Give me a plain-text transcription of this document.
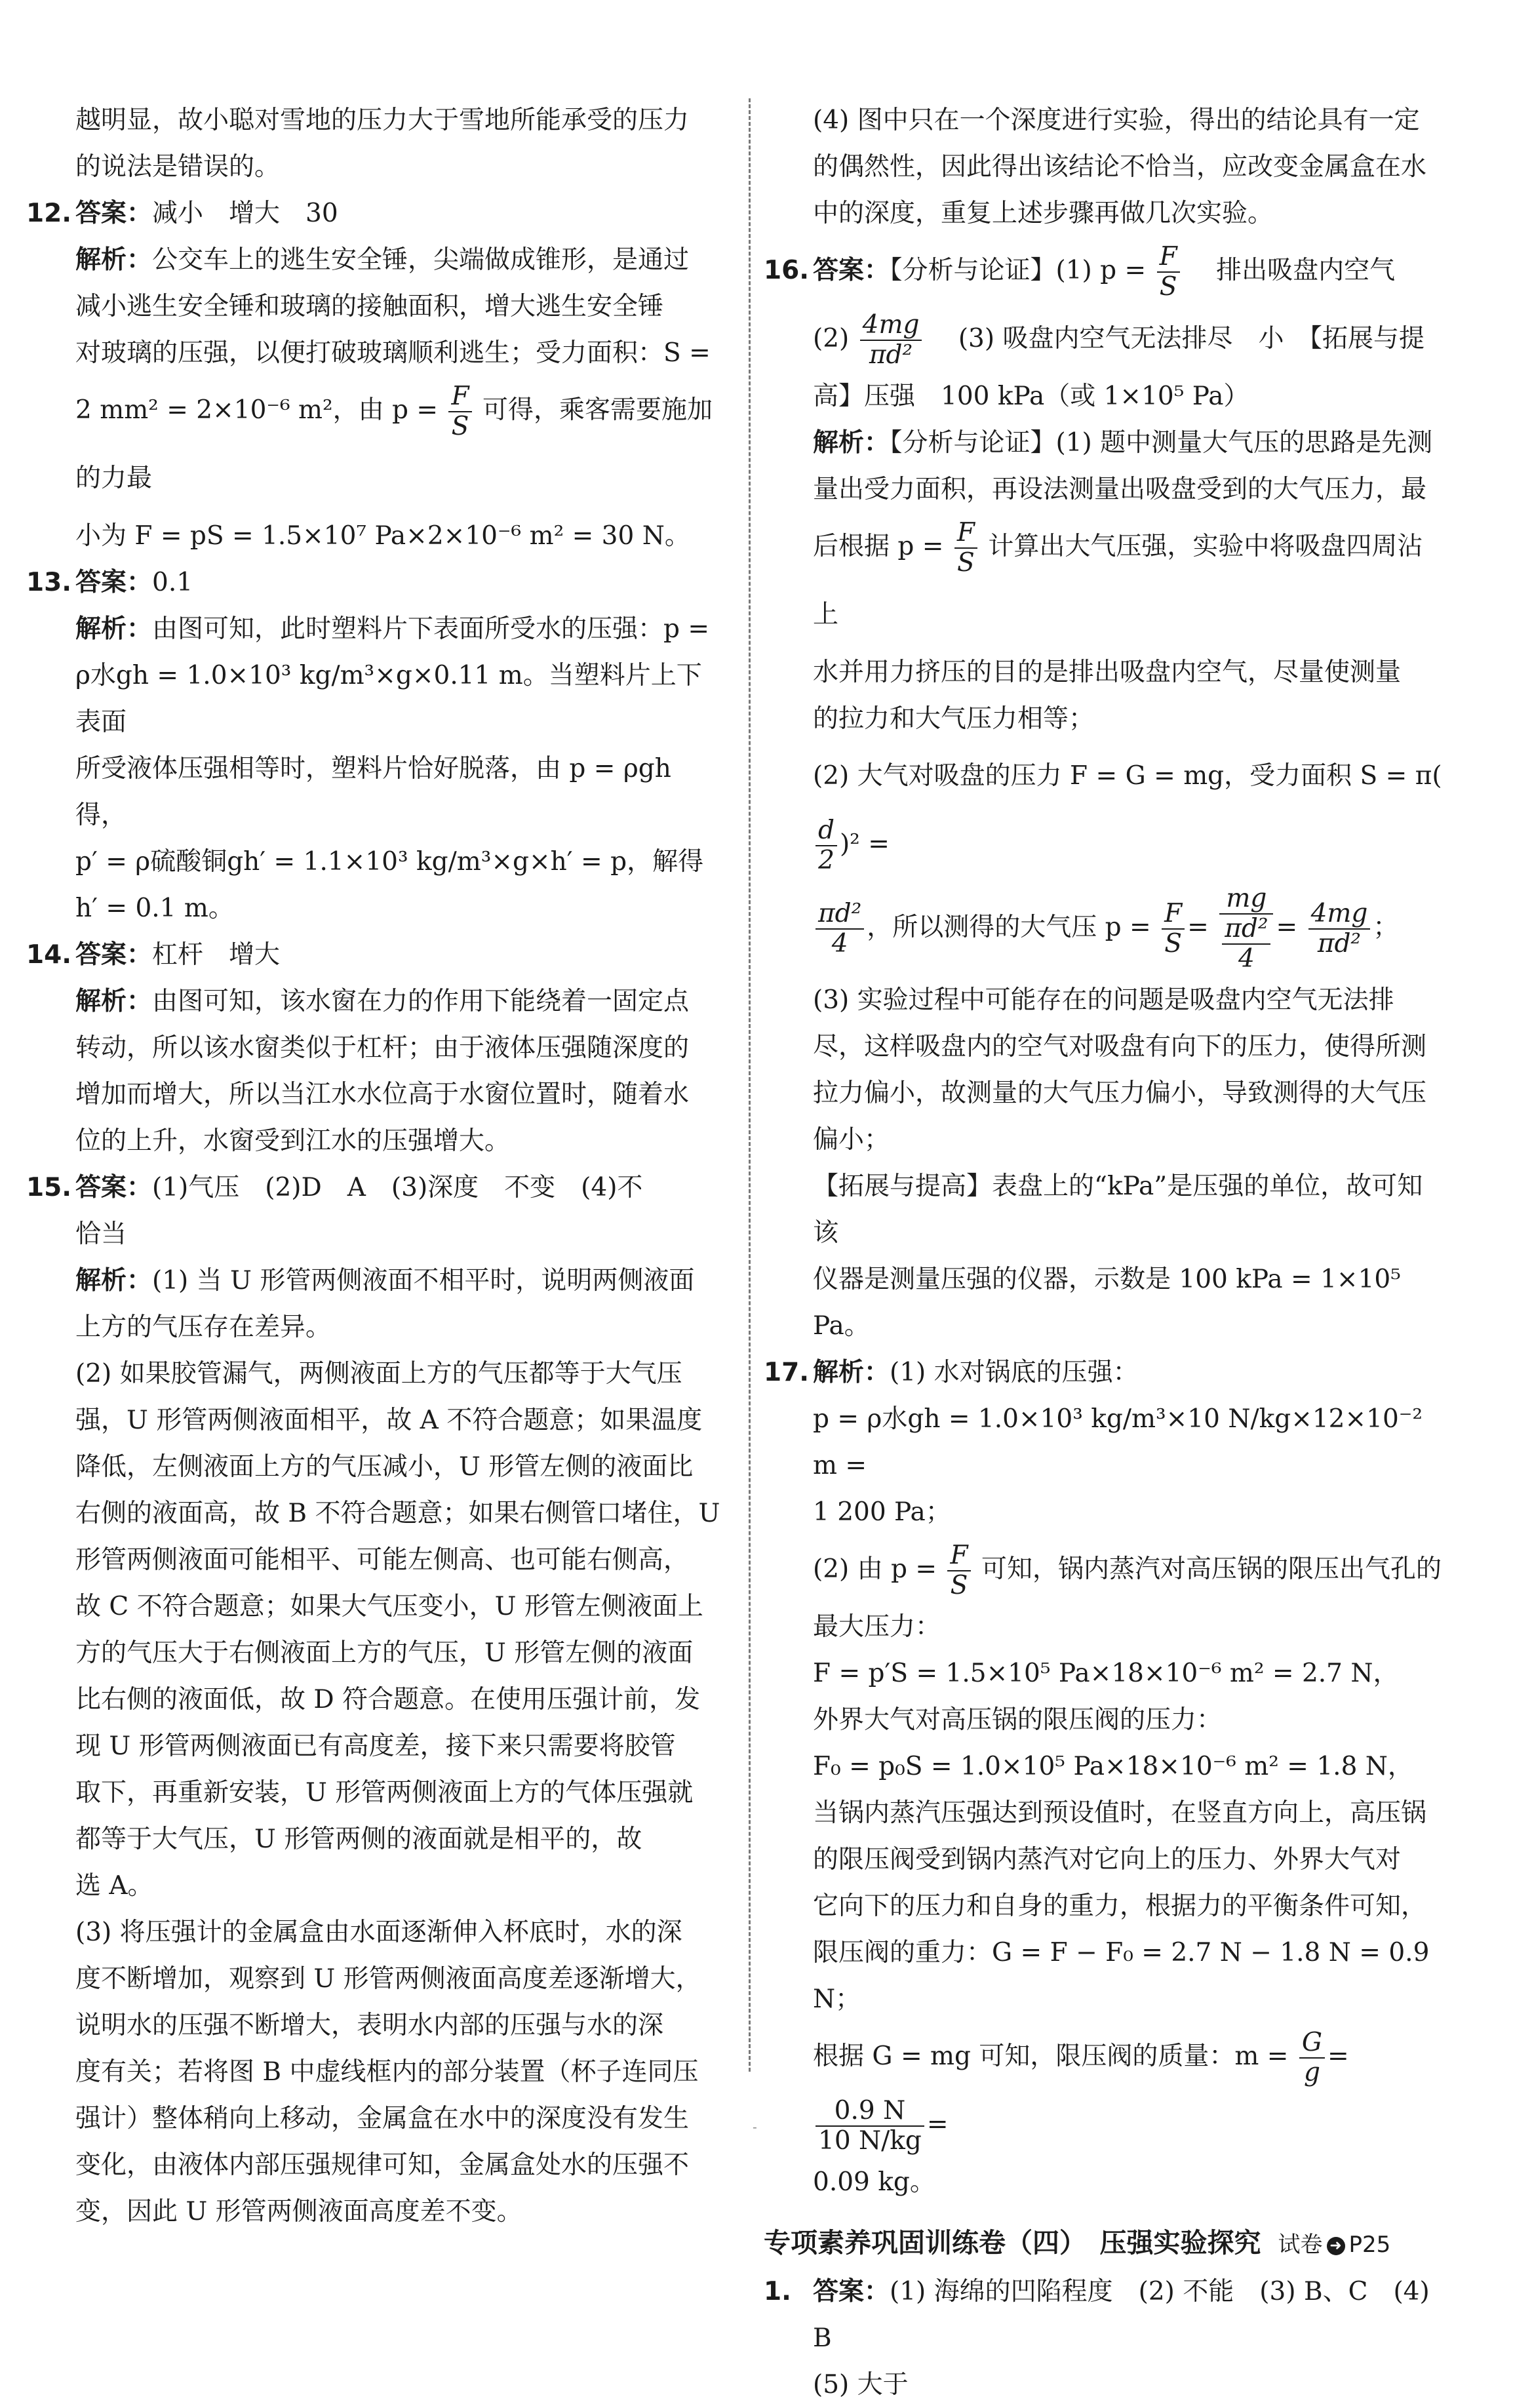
越明显，故小聪对雪地的压力大于雪地所能承受的压力

的说法是错误的。

12. 答案：减小　增大　30

解析：公交车上的逃生安全锤，尖端做成锥形，是通过

减小逃生安全锤和玻璃的接触面积，增大逃生安全锤

对玻璃的压强，以便打破玻璃顺利逃生；受力面积：S =

2 mm² = 2×10⁻⁶ m²，由 $p = \frac{F}{S}$ 可得，乘客需要施加的力最

小为 F = pS = 1.5×10⁷ Pa×2×10⁻⁶ m² = 30 N。

13. 答案：0.1

解析：由图可知，此时塑料片下表面所受水的压强：p =

ρ水gh = 1.0×10³ kg/m³×g×0.11 m。当塑料片上下表面

所受液体压强相等时，塑料片恰好脱落，由 p = ρgh 得，

p′ = ρ硫酸铜gh′ = 1.1×10³ kg/m³×g×h′ = p，解得 h′ = 0.1 m。

14. 答案：杠杆　增大

解析：由图可知，该水窗在力的作用下能绕着一固定点

转动，所以该水窗类似于杠杆；由于液体压强随深度的

增加而增大，所以当江水水位高于水窗位置时，随着水

位的上升，水窗受到江水的压强增大。

15. 答案：(1)气压　(2)D　A　(3)深度　不变　(4)不

恰当

解析：(1) 当 U 形管两侧液面不相平时，说明两侧液面

上方的气压存在差异。

(2) 如果胶管漏气，两侧液面上方的气压都等于大气压

强，U 形管两侧液面相平，故 A 不符合题意；如果温度

降低，左侧液面上方的气压减小，U 形管左侧的液面比

右侧的液面高，故 B 不符合题意；如果右侧管口堵住，U

形管两侧液面可能相平、可能左侧高、也可能右侧高，

故 C 不符合题意；如果大气压变小，U 形管左侧液面上

方的气压大于右侧液面上方的气压，U 形管左侧的液面

比右侧的液面低，故 D 符合题意。在使用压强计前，发

现 U 形管两侧液面已有高度差，接下来只需要将胶管

取下，再重新安装，U 形管两侧液面上方的气体压强就

都等于大气压，U 形管两侧的液面就是相平的，故

选 A。

(3) 将压强计的金属盒由水面逐渐伸入杯底时，水的深

度不断增加，观察到 U 形管两侧液面高度差逐渐增大，

说明水的压强不断增大，表明水内部的压强与水的深

度有关；若将图 B 中虚线框内的部分装置（杯子连同压

强计）整体稍向上移动，金属盒在水中的深度没有发生

变化，由液体内部压强规律可知，金属盒处水的压强不

变，因此 U 形管两侧液面高度差不变。

(4) 图中只在一个深度进行实验，得出的结论具有一定

的偶然性，因此得出该结论不恰当，应改变金属盒在水

中的深度，重复上述步骤再做几次实验。

16. 答案：【分析与论证】(1) $p = \frac{F}{S}$ 　排出吸盘内空气

$(2) \frac{4mg}{\text{πd²}}$ 　(3) 吸盘内空气无法排尽　小　【拓展与提

高】压强　100 kPa（或 1×10⁵ Pa）

解析：【分析与论证】(1) 题中测量大气压的思路是先测

量出受力面积，再设法测量出吸盘受到的大气压力，最

后根据 $p = \frac{F}{S}$ 计算出大气压强，实验中将吸盘四周沾上

水并用力挤压的目的是排出吸盘内空气，尽量使测量

的拉力和大气压力相等；

(2) 大气对吸盘的压力 F = G = mg，受力面积 S = π(
$\frac{d}{2} )^2$ =

$\frac{\text{πd²}}{4}$ ，所以测得的大气压 $p = \frac{F}{S} = \frac{mg}{\frac{\text{πd²}}{4}} = \frac{4mg}{\text{πd²}}$ ；

(3) 实验过程中可能存在的问题是吸盘内空气无法排

尽，这样吸盘内的空气对吸盘有向下的压力，使得所测

拉力偏小，故测量的大气压力偏小，导致测得的大气压

偏小；

【拓展与提高】表盘上的“kPa”是压强的单位，故可知该

仪器是测量压强的仪器，示数是 100 kPa = 1×10⁵ Pa。

17. 解析：(1) 水对锅底的压强：

p = ρ水gh = 1.0×10³ kg/m³×10 N/kg×12×10⁻² m =

1 200 Pa；

(2) 由 $p = \frac{F}{S}$ 可知，锅内蒸汽对高压锅的限压出气孔的

最大压力：

F = p′S = 1.5×10⁵ Pa×18×10⁻⁶ m² = 2.7 N，

外界大气对高压锅的限压阀的压力：

F₀ = p₀S = 1.0×10⁵ Pa×18×10⁻⁶ m² = 1.8 N，

当锅内蒸汽压强达到预设值时，在竖直方向上，高压锅

的限压阀受到锅内蒸汽对它向上的压力、外界大气对

它向下的压力和自身的重力，根据力的平衡条件可知，

限压阀的重力：G = F − F₀ = 2.7 N − 1.8 N = 0.9 N；

根据 G = mg 可知，限压阀的质量：$m = \frac{G}{g}$ =
$\frac{0.9 N}{10 N/kg}$ =

0.09 kg。

专项素养巩固训练卷（四）　压强实验探究 试卷 ➜ P25
1. 答案：(1) 海绵的凹陷程度　(2) 不能　(3) B、C　(4) B

(5) 大于

-
